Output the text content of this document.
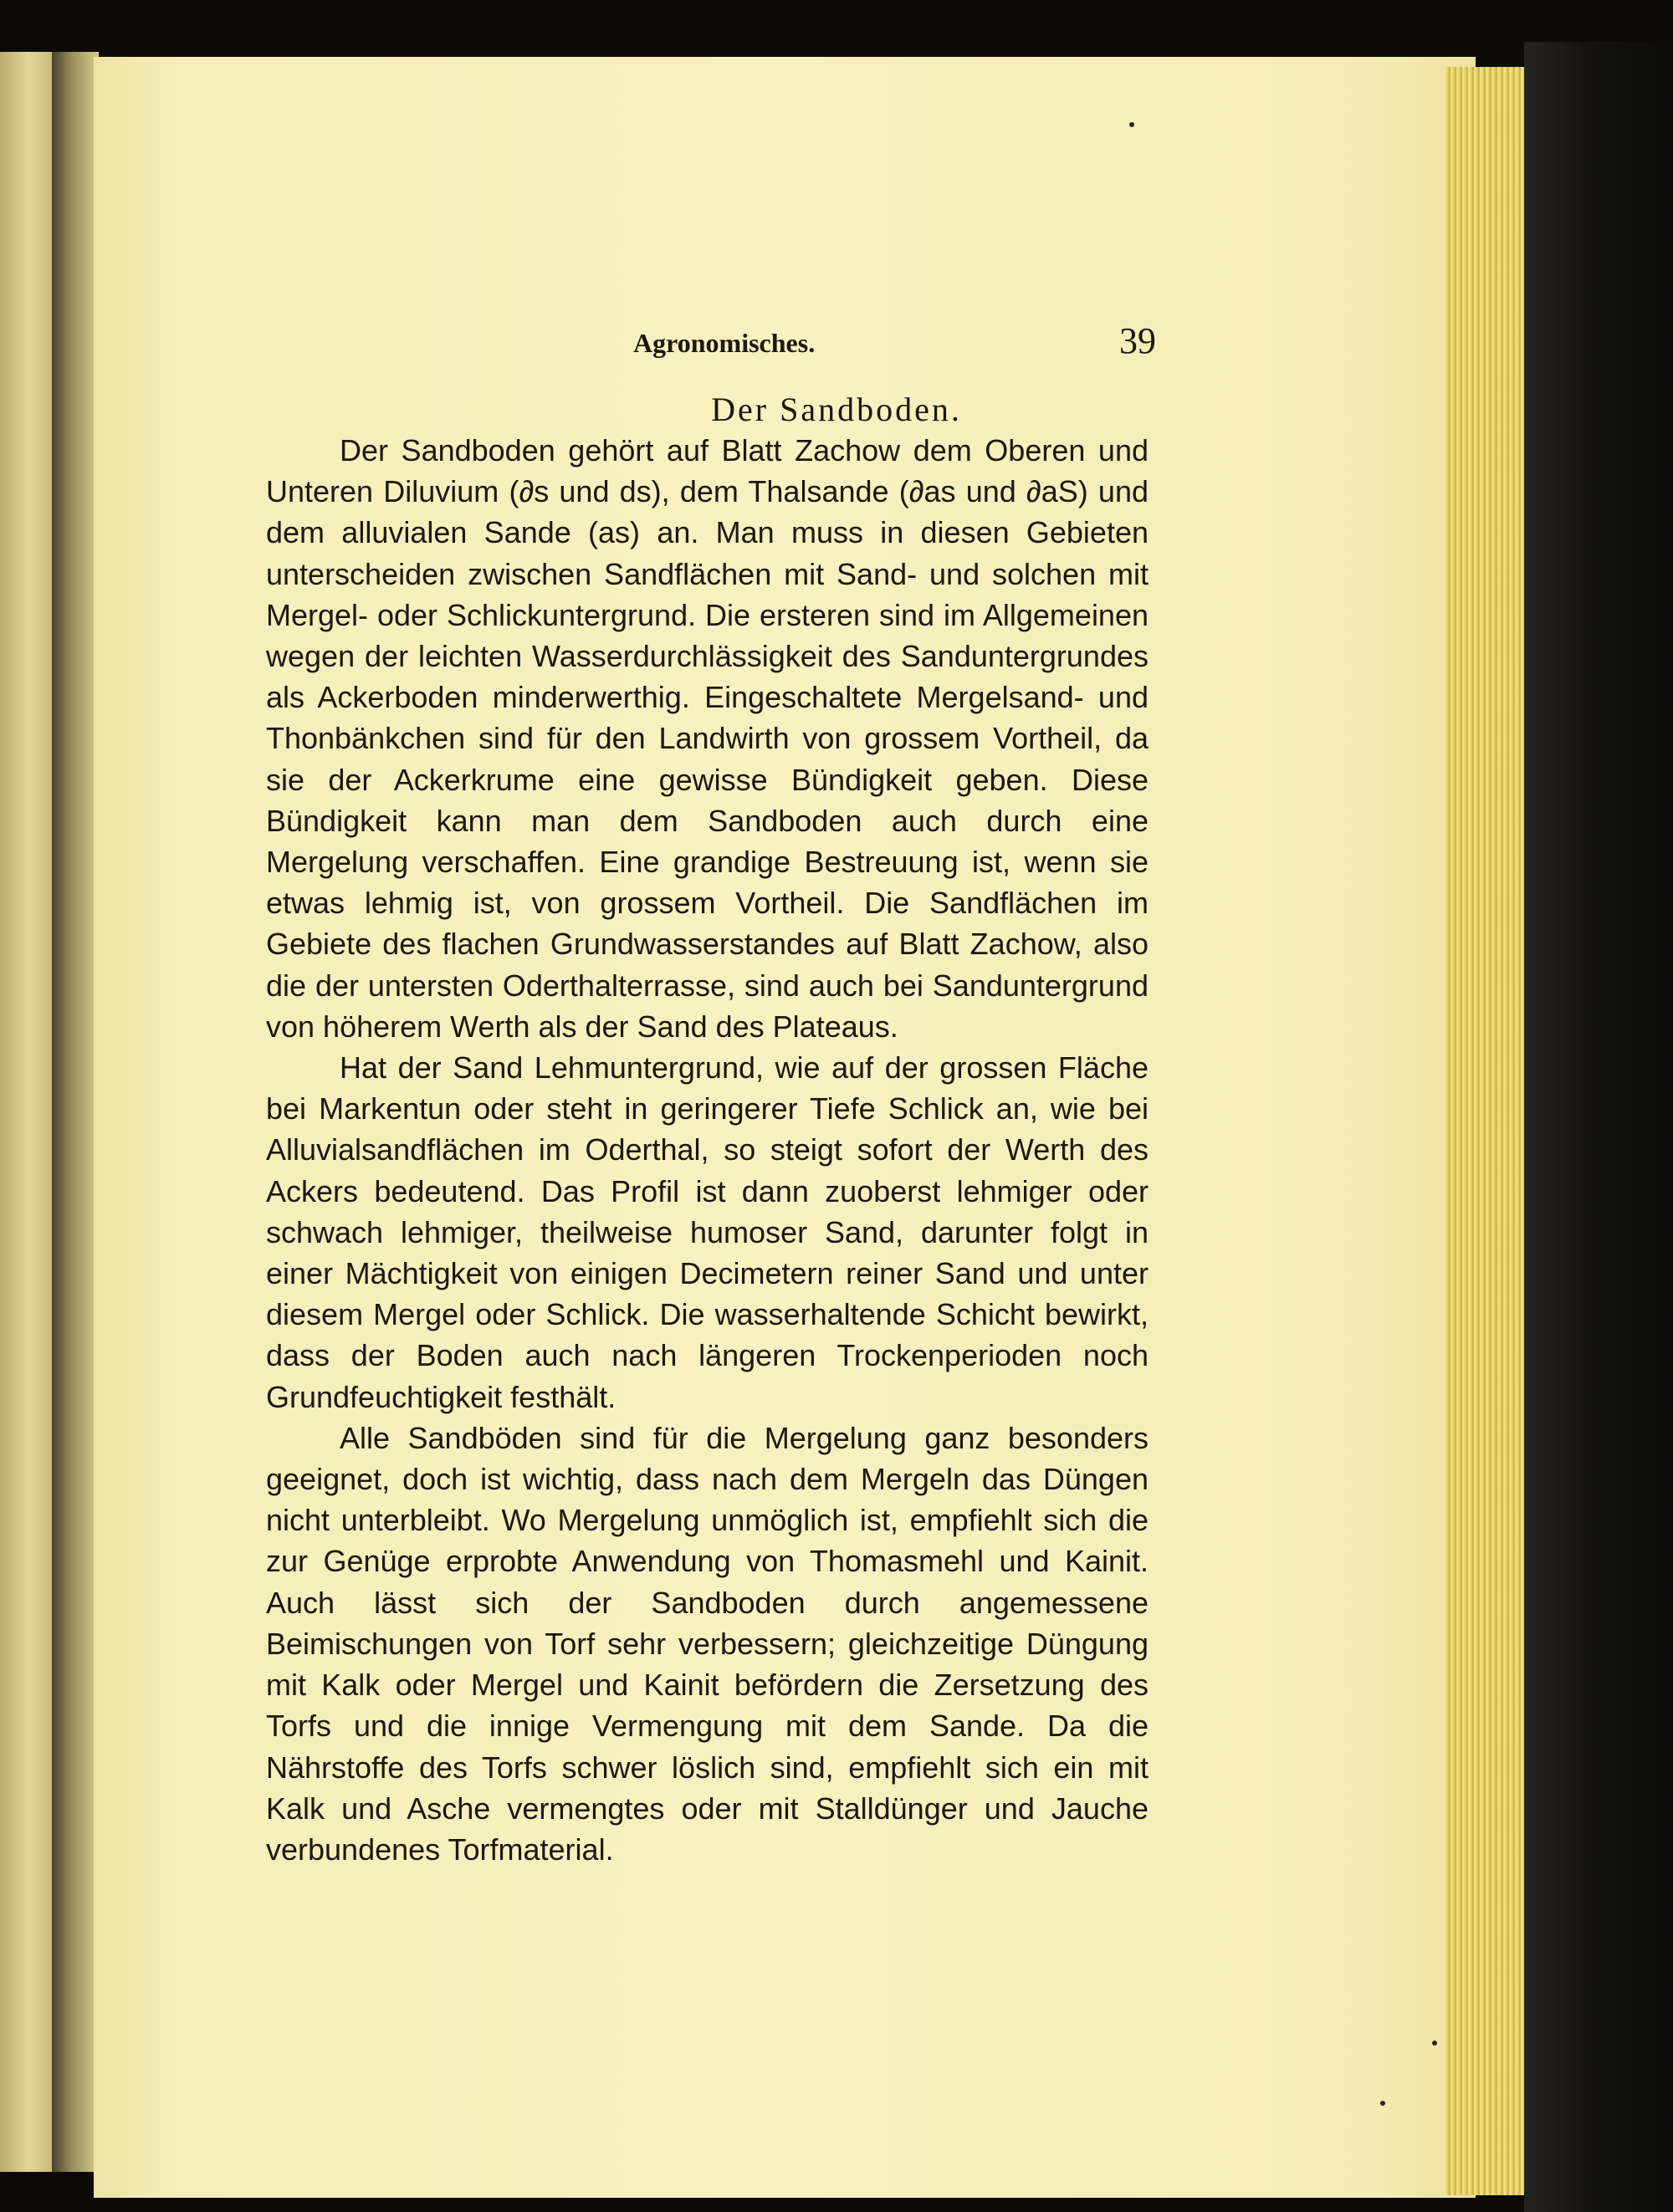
Agronomisches.	39
Der Sandboden.

Der Sandboden gehört auf Blatt Zachow dem Oberen und Unteren Diluvium (∂s und ds), dem Thalsande (∂as und ∂aS) und dem alluvialen Sande (as) an. Man muss in diesen Gebieten unterscheiden zwischen Sandflächen mit Sand- und solchen mit Mergel- oder Schlickuntergrund. Die ersteren sind im Allgemeinen wegen der leichten Wasserdurchlässigkeit des Sanduntergrundes als Ackerboden minderwerthig. Eingeschaltete Mergelsand- und Thonbänkchen sind für den Landwirth von grossem Vortheil, da sie der Ackerkrume eine gewisse Bündigkeit geben. Diese Bündigkeit kann man dem Sandboden auch durch eine Mergelung verschaffen. Eine grandige Bestreuung ist, wenn sie etwas lehmig ist, von grossem Vortheil. Die Sandflächen im Gebiete des flachen Grundwasserstandes auf Blatt Zachow, also die der untersten Oderthalterrasse, sind auch bei Sanduntergrund von höherem Werth als der Sand des Plateaus.

Hat der Sand Lehmuntergrund, wie auf der grossen Fläche bei Markentun oder steht in geringerer Tiefe Schlick an, wie bei Alluvialsandflächen im Oderthal, so steigt sofort der Werth des Ackers bedeutend. Das Profil ist dann zuoberst lehmiger oder schwach lehmiger, theilweise humoser Sand, darunter folgt in einer Mächtigkeit von einigen Decimetern reiner Sand und unter diesem Mergel oder Schlick. Die wasserhaltende Schicht bewirkt, dass der Boden auch nach längeren Trockenperioden noch Grundfeuchtigkeit festhält.

Alle Sandböden sind für die Mergelung ganz besonders geeignet, doch ist wichtig, dass nach dem Mergeln das Düngen nicht unterbleibt. Wo Mergelung unmöglich ist, empfiehlt sich die zur Genüge erprobte Anwendung von Thomasmehl und Kainit. Auch lässt sich der Sandboden durch angemessene Beimischungen von Torf sehr verbessern; gleichzeitige Düngung mit Kalk oder Mergel und Kainit befördern die Zersetzung des Torfs und die innige Vermengung mit dem Sande. Da die Nährstoffe des Torfs schwer löslich sind, empfiehlt sich ein mit Kalk und Asche vermengtes oder mit Stalldünger und Jauche verbundenes Torfmaterial.
